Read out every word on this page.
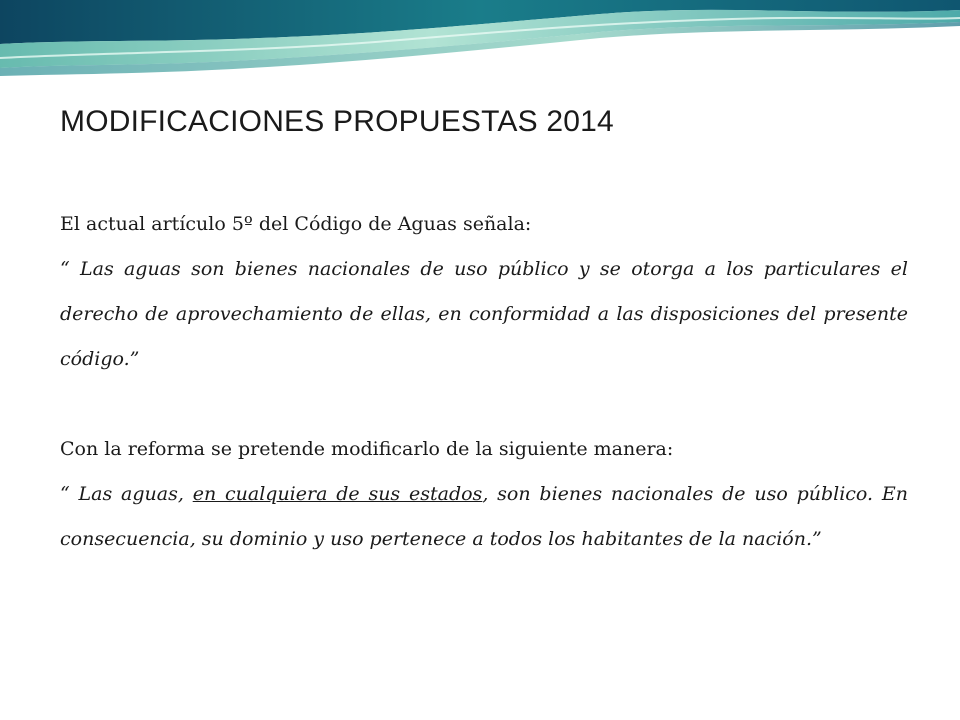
MODIFICACIONES PROPUESTAS 2014

El actual artículo 5º del Código de Aguas señala:

“ Las aguas son bienes nacionales de uso público y se otorga a los particulares el derecho de aprovechamiento de ellas, en conformidad a las disposiciones del presente código.”

Con la reforma se pretende modificarlo de la siguiente manera:

“ Las aguas, en cualquiera de sus estados, son bienes nacionales de uso público. En consecuencia, su dominio y uso pertenece a todos los habitantes de la nación.”
